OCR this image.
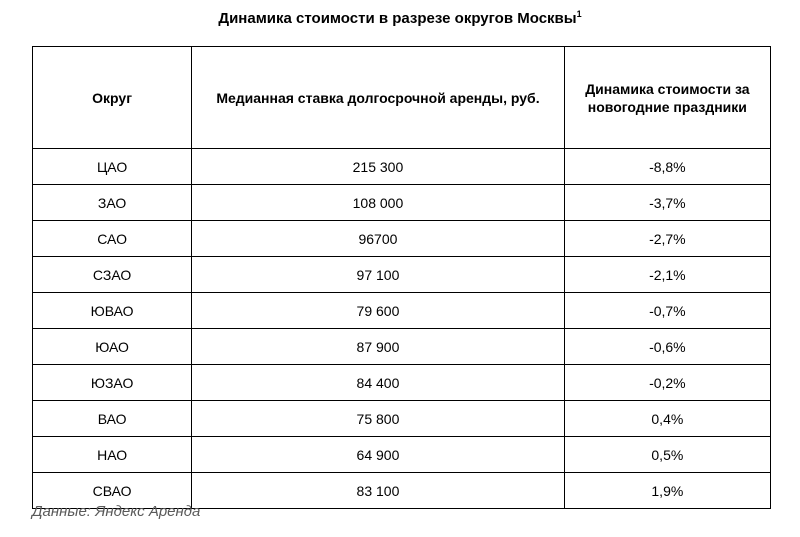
Динамика стоимости в разрезе округов Москвы$^1$
Округ	Медианная ставка долгосрочной аренды, руб.	Динамика стоимости за новогодние праздники
ЦАО	215 300	-8,8%
ЗАО	108 000	-3,7%
САО	96700	-2,7%
СЗАО	97 100	-2,1%
ЮВАО	79 600	-0,7%
ЮАО	87 900	-0,6%
ЮЗАО	84 400	-0,2%
ВАО	75 800	0,4%
НАО	64 900	0,5%
СВАО	83 100	1,9%
Данные: Яндекс Аренда
